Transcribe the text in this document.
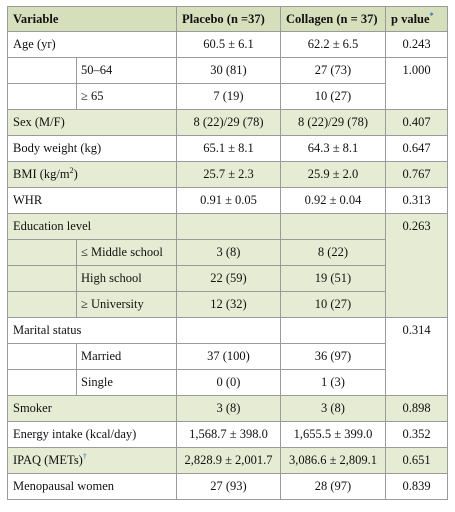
Variable		Placebo (n =37)	Collagen (n = 37)	p value*
Age (yr)		60.5 ± 6.1	62.2 ± 6.5	0.243
	50–64	30 (81)	27 (73)	1.000
	≥ 65	7 (19)	10 (27)	
Sex (M/F)		8 (22)/29 (78)	8 (22)/29 (78)	0.407
Body weight (kg)		65.1 ± 8.1	64.3 ± 8.1	0.647
BMI $(kg/m^2)$		25.7 ± 2.3	25.9 ± 2.0	0.767
WHR		0.91 ± 0.05	0.92 ± 0.04	0.313
Education level				0.263
	≤ Middle school	3 (8)	8 (22)	
	High school	22 (59)	19 (51)	
	≥ University	12 (32)	10 (27)	
Marital status				0.314
	Married	37 (100)	36 (97)	
	Single	0 (0)	1 (3)	
Smoker		3 (8)	3 (8)	0.898
Energy intake (kcal/day)		1,568.7 ± 398.0	1,655.5 ± 399.0	0.352
IPAQ (METs)†		2,828.9 ± 2,001.7	3,086.6 ± 2,809.1	0.651
Menopausal women		27 (93)	28 (97)	0.839
